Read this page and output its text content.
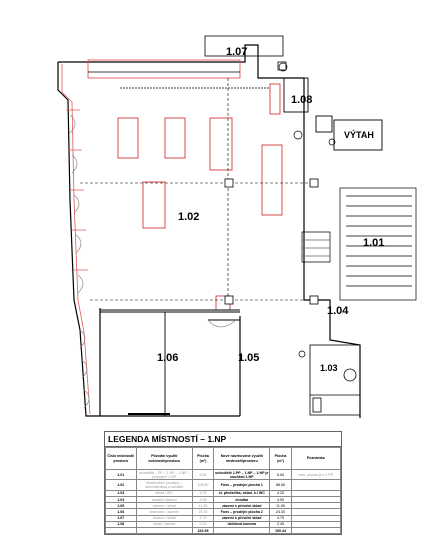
1.07
1.08
VÝTAH
1.02
1.01
1.04
1.06	1.05
1.03
LEGENDA MÍSTNOSTÍ – 1.NP
Číslo místnosti/ prostoru	Původní využití místnosti/prostoru	Plocha (m²)	Nově navrhované využití místnosti/prostoru	Plocha (m²)	Poznámka
1.01	schodiště – PP – 1.NP – 2.NP – propojení 1.NP	5.54	schodiště 1.PP – 1.NP – 2.NP je součástí 1.NP	5.54	max. plocha je v 1.PP
1.02	Multifunkční prodejní – administrativa a sociální	105.80	Fons – prodejní plocha 1	88.06	
1.03	sklad / WC	4.25	sl. předsíňka, sklad, k.l WC	4.25	
1.04	sociální zázemí	4.55	chodba	4.55	
1.05	zázemí / sklad	11.95	zázemí s příruční sklad	11.95	
1.06	obchodní / zázemí	24.30	Fons – prodejní plocha 2	24.30	
1.07	zázemí / sklad	4.79	zázemí s příruční sklad	4.79	
1.08	sklad / šachta	2.45	úklidová komora	2.45	
		162.99		150.34	
